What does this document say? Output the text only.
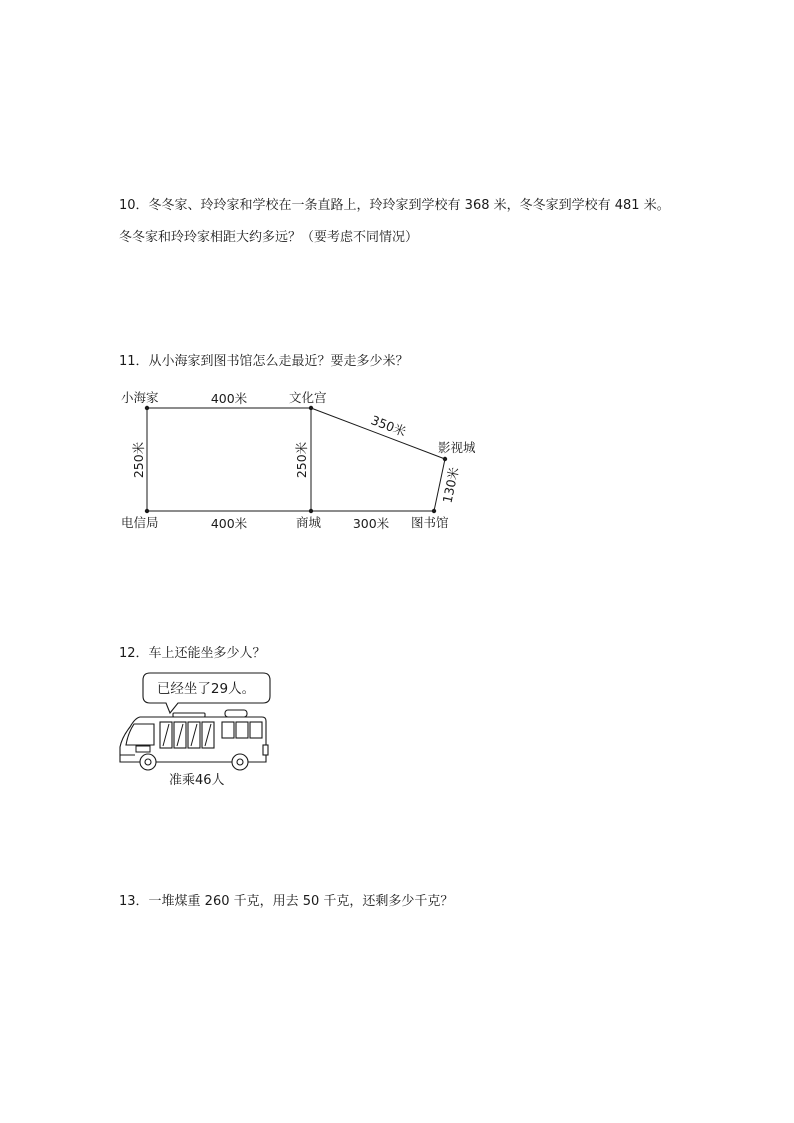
10．冬冬家、玲玲家和学校在一条直路上，玲玲家到学校有 368 米，冬冬家到学校有 481 米。
冬冬家和玲玲家相距大约多远？（要考虑不同情况）
11．从小海家到图书馆怎么走最近？要走多少米？
400米
400米	300米
250米	250米
350米
130米
小海家	文化宫
影视城
电信局	商城	图书馆
12．车上还能坐多少人？
已经坐了29人。
准乘46人
13．一堆煤重 260 千克，用去 50 千克，还剩多少千克？
